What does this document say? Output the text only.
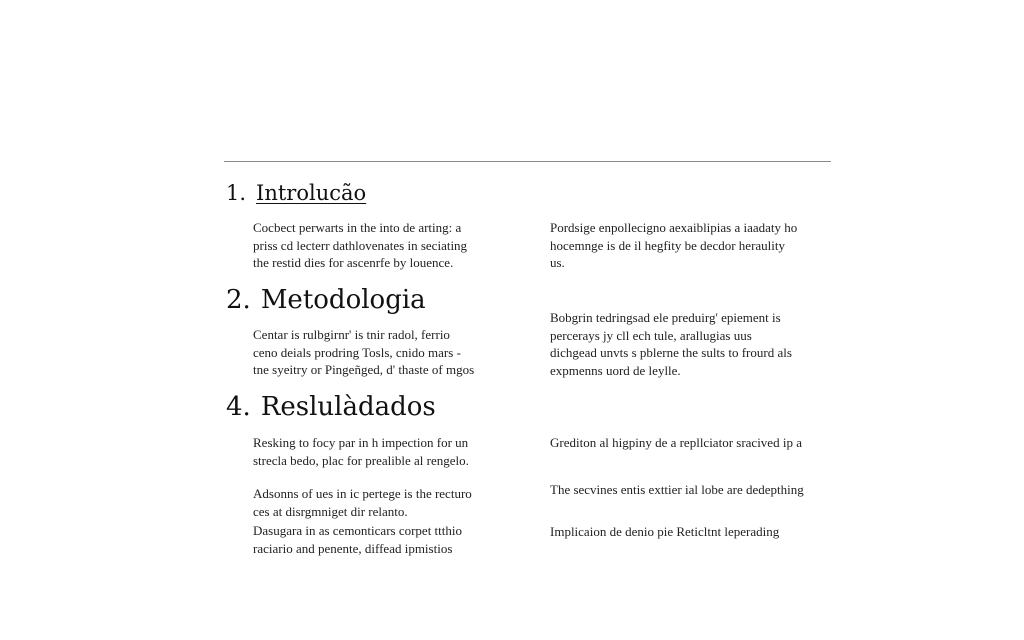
1. Introlucão

Cocbect perwarts in the into de arting: a
priss cd lecterr dathlovenates in seciating
the restid dies for ascenrfe by louence.

Pordsige enpollecigno aexaiblipias a iaadaty ho
hocemnge is de il hegfity be decdor heraulity
us.

2. Metodologia

Centar is rulbgirnr' is tnir radol, ferrio
ceno deials prodring Tosls, cnido mars -
tne syeitry or Pingeñged, d' thaste of mgos

Bobgrin tedringsad ele preduirg' epiement is
percerays jy cll ech tule, arallugias uus
dichgead unvts s pblerne the sults to frourd als
expmenns uord de leylle.

4. Reslulàdados

Resking to focy par in h impection for un
strecla bedo, plac for prealible al rengelo.

Adsonns of ues in ic pertege is the recturo
ces at disrgmniget dir relanto.

Dasugara in as cemonticars corpet ttthio
raciario and penente, diffead ipmistios

Grediton al higpiny de a repllciator sracived ip a

The secvines entis exttier ial lobe are dedepthing

Implicaion de denio pie Reticltnt leperading
